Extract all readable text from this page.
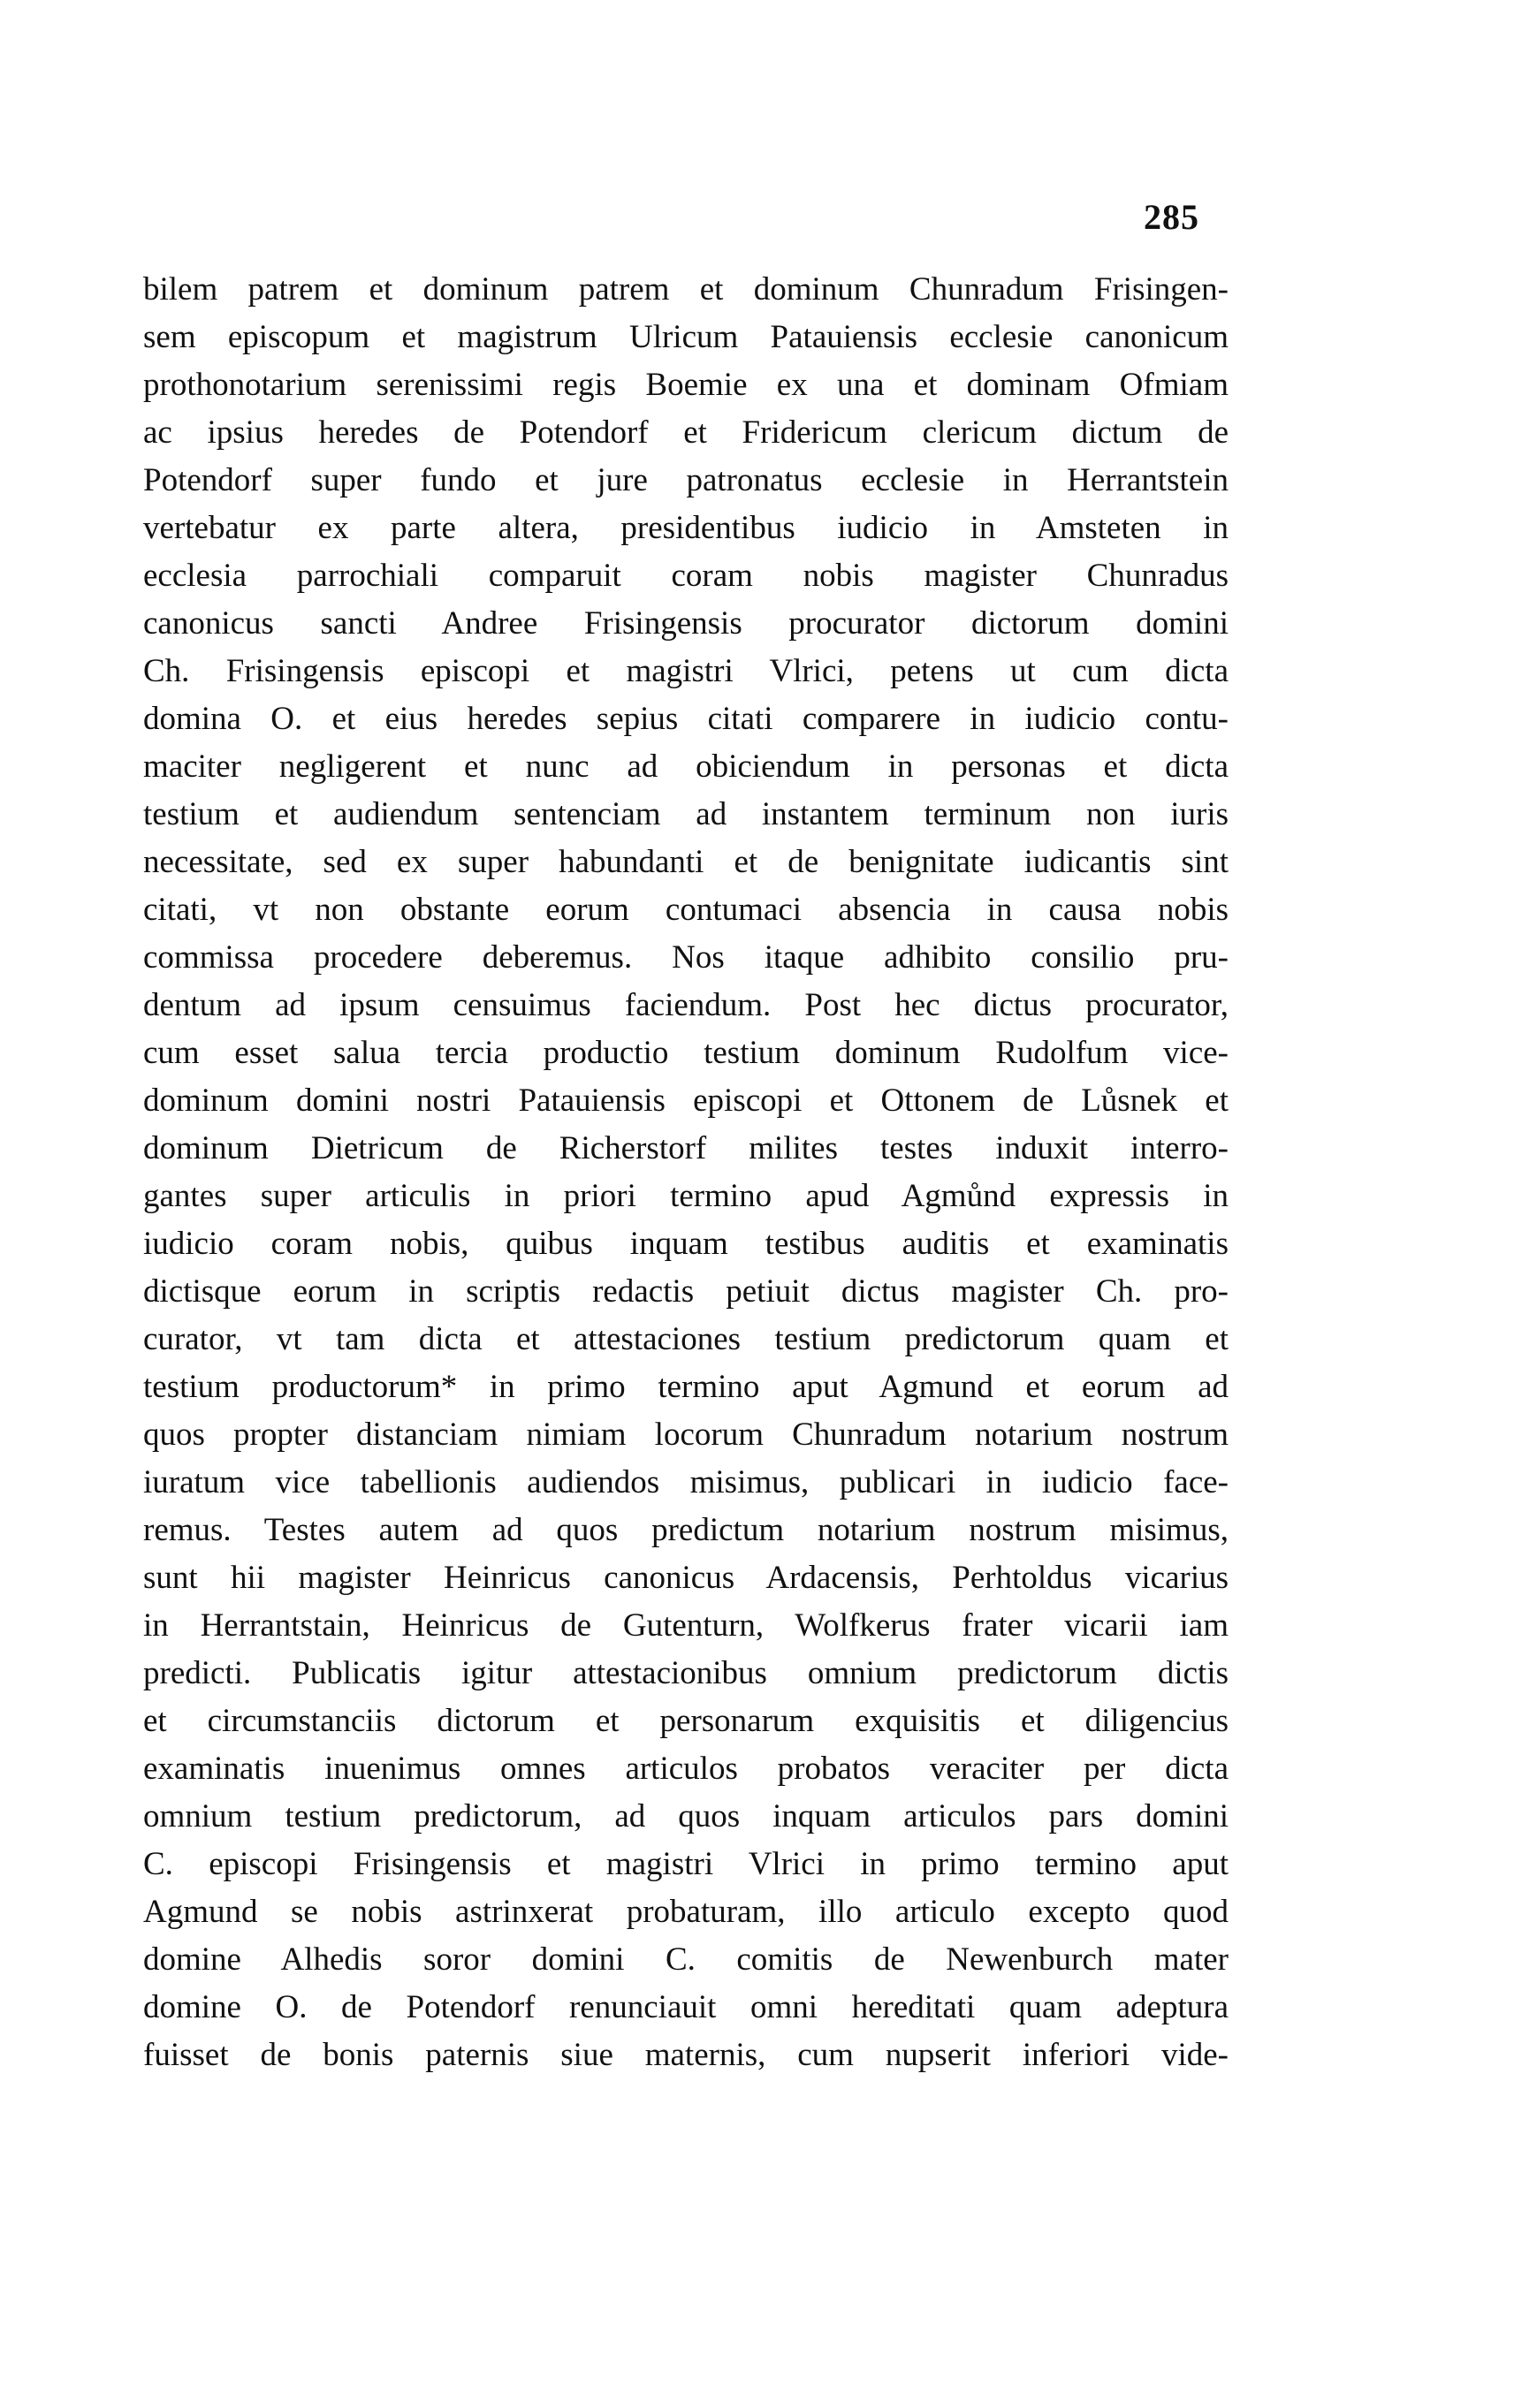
285
bilem patrem et dominum patrem et dominum Chunradum Frisingen-
sem episcopum et magistrum Ulricum Patauiensis ecclesie canonicum
prothonotarium serenissimi regis Boemie ex una et dominam Ofmiam
ac ipsius heredes de Potendorf et Fridericum clericum dictum de
Potendorf super fundo et jure patronatus ecclesie in Herrantstein
vertebatur ex parte altera, presidentibus iudicio in Amsteten in
ecclesia parrochiali comparuit coram nobis magister Chunradus
canonicus sancti Andree Frisingensis procurator dictorum domini
Ch. Frisingensis episcopi et magistri Vlrici, petens ut cum dicta
domina O. et eius heredes sepius citati comparere in iudicio contu-
maciter negligerent et nunc ad obiciendum in personas et dicta
testium et audiendum sentenciam ad instantem terminum non iuris
necessitate, sed ex super habundanti et de benignitate iudicantis sint
citati, vt non obstante eorum contumaci absencia in causa nobis
commissa procedere deberemus. Nos itaque adhibito consilio pru-
dentum ad ipsum censuimus faciendum. Post hec dictus procurator,
cum esset salua tercia productio testium dominum Rudolfum vice-
dominum domini nostri Patauiensis episcopi et Ottonem de Lůsnek et
dominum Dietricum de Richerstorf milites testes induxit interro-
gantes super articulis in priori termino apud Agmůnd expressis in
iudicio coram nobis, quibus inquam testibus auditis et examinatis
dictisque eorum in scriptis redactis petiuit dictus magister Ch. pro-
curator, vt tam dicta et attestaciones testium predictorum quam et
testium productorum* in primo termino aput Agmund et eorum ad
quos propter distanciam nimiam locorum Chunradum notarium nostrum
iuratum vice tabellionis audiendos misimus, publicari in iudicio face-
remus. Testes autem ad quos predictum notarium nostrum misimus,
sunt hii magister Heinricus canonicus Ardacensis, Perhtoldus vicarius
in Herrantstain, Heinricus de Gutenturn, Wolfkerus frater vicarii iam
predicti. Publicatis igitur attestacionibus omnium predictorum dictis
et circumstanciis dictorum et personarum exquisitis et diligencius
examinatis inuenimus omnes articulos probatos veraciter per dicta
omnium testium predictorum, ad quos inquam articulos pars domini
C. episcopi Frisingensis et magistri Vlrici in primo termino aput
Agmund se nobis astrinxerat probaturam, illo articulo excepto quod
domine Alhedis soror domini C. comitis de Newenburch mater
domine O. de Potendorf renunciauit omni hereditati quam adeptura
fuisset de bonis paternis siue maternis, cum nupserit inferiori vide-
